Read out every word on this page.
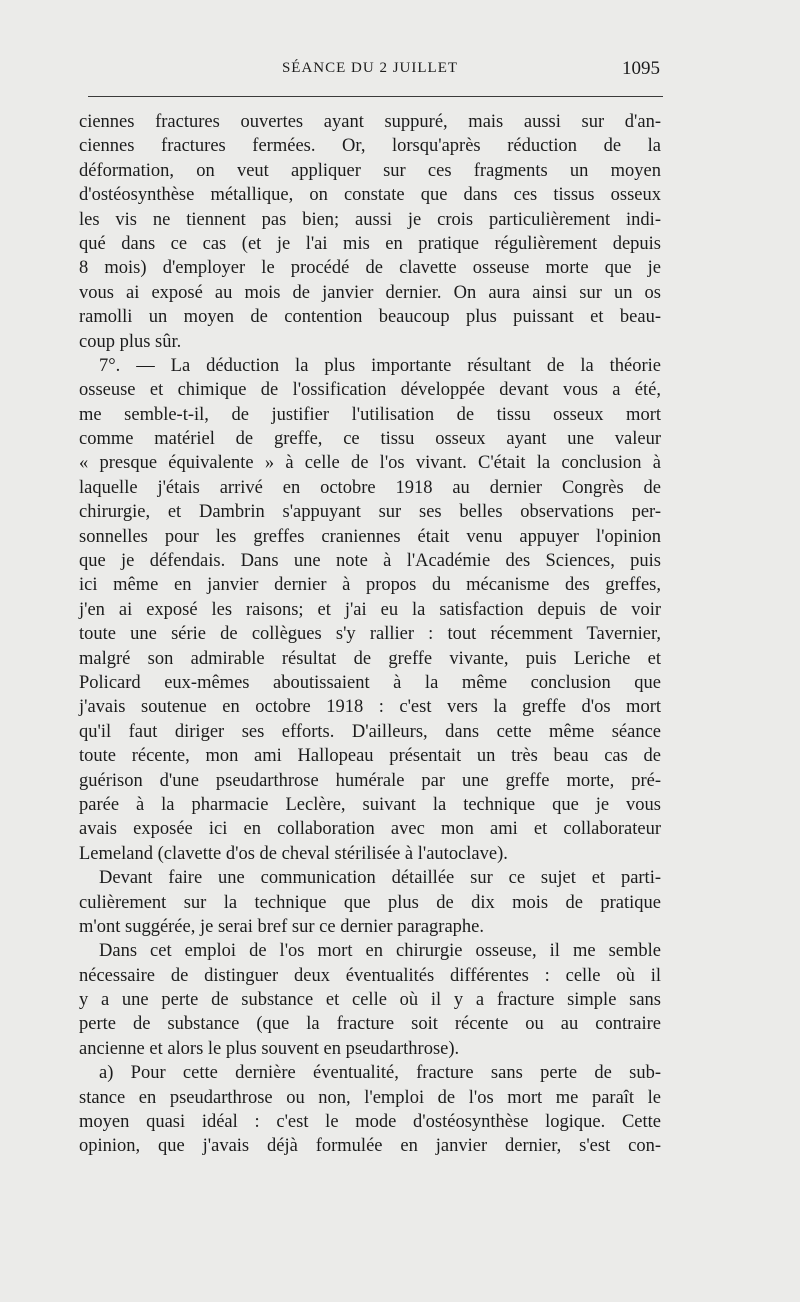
SÉANCE DU 2 JUILLET	1095
ciennes fractures ouvertes ayant suppuré, mais aussi sur d'an-
ciennes fractures fermées. Or, lorsqu'après réduction de la
déformation, on veut appliquer sur ces fragments un moyen
d'ostéosynthèse métallique, on constate que dans ces tissus osseux
les vis ne tiennent pas bien; aussi je crois particulièrement indi-
qué dans ce cas (et je l'ai mis en pratique régulièrement depuis
8 mois) d'employer le procédé de clavette osseuse morte que je
vous ai exposé au mois de janvier dernier. On aura ainsi sur un os
ramolli un moyen de contention beaucoup plus puissant et beau-
coup plus sûr.
7°. — La déduction la plus importante résultant de la théorie
osseuse et chimique de l'ossification développée devant vous a été,
me semble-t-il, de justifier l'utilisation de tissu osseux mort
comme matériel de greffe, ce tissu osseux ayant une valeur
« presque équivalente » à celle de l'os vivant. C'était la conclusion à
laquelle j'étais arrivé en octobre 1918 au dernier Congrès de
chirurgie, et Dambrin s'appuyant sur ses belles observations per-
sonnelles pour les greffes craniennes était venu appuyer l'opinion
que je défendais. Dans une note à l'Académie des Sciences, puis
ici même en janvier dernier à propos du mécanisme des greffes,
j'en ai exposé les raisons; et j'ai eu la satisfaction depuis de voir
toute une série de collègues s'y rallier : tout récemment Tavernier,
malgré son admirable résultat de greffe vivante, puis Leriche et
Policard eux-mêmes aboutissaient à la même conclusion que
j'avais soutenue en octobre 1918 : c'est vers la greffe d'os mort
qu'il faut diriger ses efforts. D'ailleurs, dans cette même séance
toute récente, mon ami Hallopeau présentait un très beau cas de
guérison d'une pseudarthrose humérale par une greffe morte, pré-
parée à la pharmacie Leclère, suivant la technique que je vous
avais exposée ici en collaboration avec mon ami et collaborateur
Lemeland (clavette d'os de cheval stérilisée à l'autoclave).
Devant faire une communication détaillée sur ce sujet et parti-
culièrement sur la technique que plus de dix mois de pratique
m'ont suggérée, je serai bref sur ce dernier paragraphe.
Dans cet emploi de l'os mort en chirurgie osseuse, il me semble
nécessaire de distinguer deux éventualités différentes : celle où il
y a une perte de substance et celle où il y a fracture simple sans
perte de substance (que la fracture soit récente ou au contraire
ancienne et alors le plus souvent en pseudarthrose).
a) Pour cette dernière éventualité, fracture sans perte de sub-
stance en pseudarthrose ou non, l'emploi de l'os mort me paraît le
moyen quasi idéal : c'est le mode d'ostéosynthèse logique. Cette
opinion, que j'avais déjà formulée en janvier dernier, s'est con-
